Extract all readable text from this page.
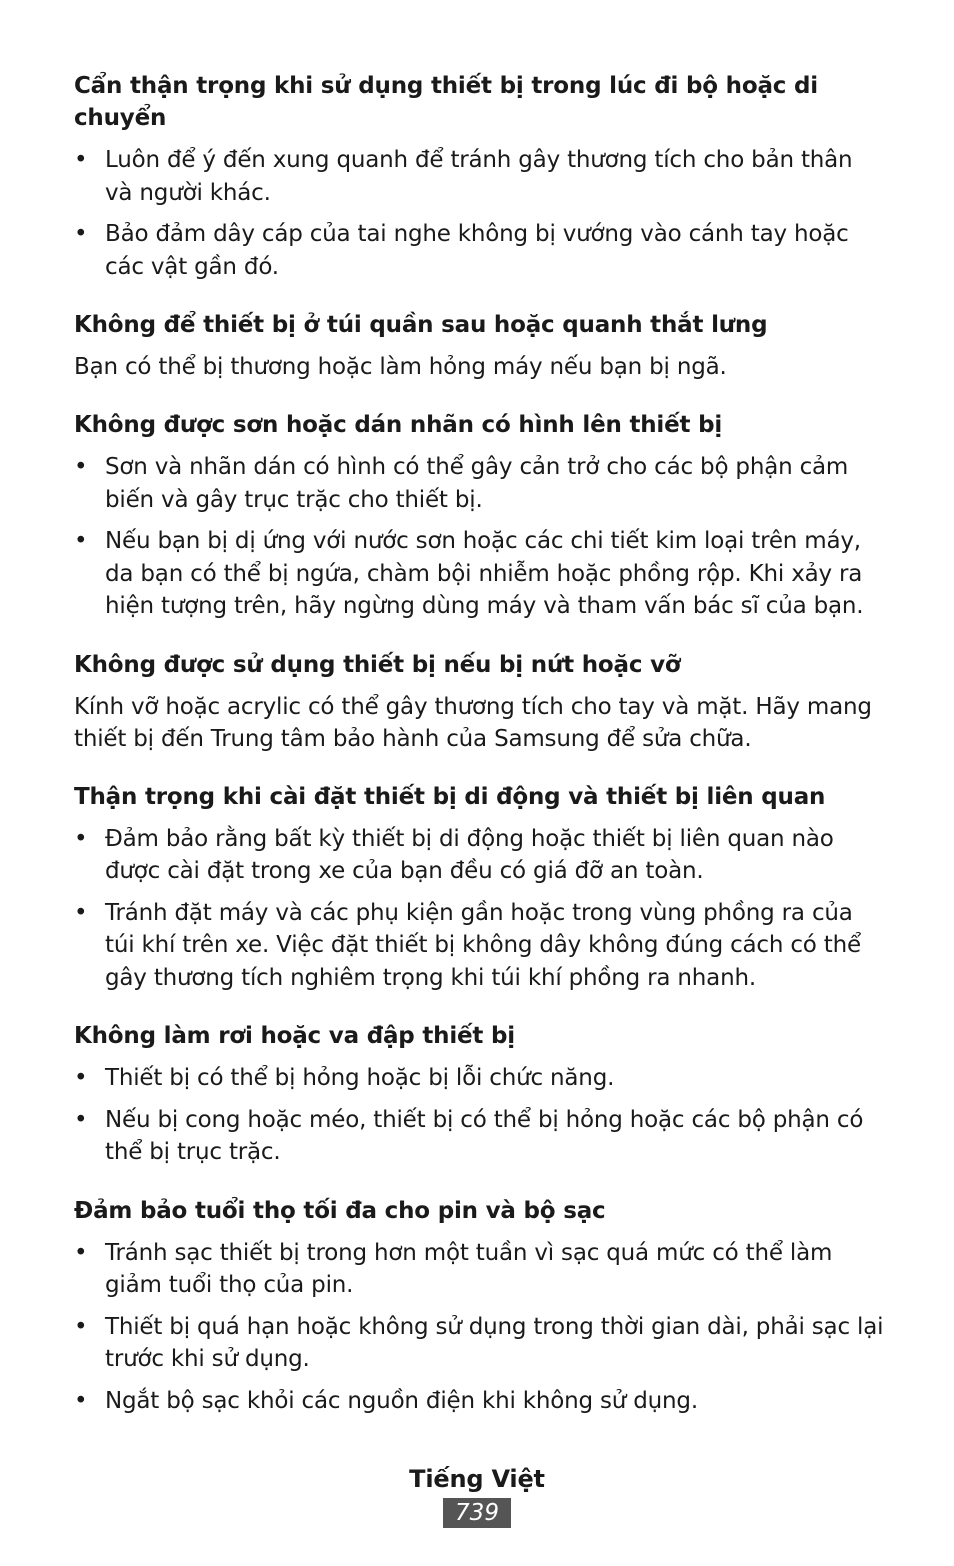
Cẩn thận trọng khi sử dụng thiết bị trong lúc đi bộ hoặc di chuyển

• Luôn để ý đến xung quanh để tránh gây thương tích cho bản thân và người khác.
• Bảo đảm dây cáp của tai nghe không bị vướng vào cánh tay hoặc các vật gần đó.

Không để thiết bị ở túi quần sau hoặc quanh thắt lưng

Bạn có thể bị thương hoặc làm hỏng máy nếu bạn bị ngã.

Không được sơn hoặc dán nhãn có hình lên thiết bị

• Sơn và nhãn dán có hình có thể gây cản trở cho các bộ phận cảm biến và gây trục trặc cho thiết bị.
• Nếu bạn bị dị ứng với nước sơn hoặc các chi tiết kim loại trên máy, da bạn có thể bị ngứa, chàm bội nhiễm hoặc phồng rộp. Khi xảy ra hiện tượng trên, hãy ngừng dùng máy và tham vấn bác sĩ của bạn.

Không được sử dụng thiết bị nếu bị nứt hoặc vỡ

Kính vỡ hoặc acrylic có thể gây thương tích cho tay và mặt. Hãy mang thiết bị đến Trung tâm bảo hành của Samsung để sửa chữa.

Thận trọng khi cài đặt thiết bị di động và thiết bị liên quan

• Đảm bảo rằng bất kỳ thiết bị di động hoặc thiết bị liên quan nào được cài đặt trong xe của bạn đều có giá đỡ an toàn.
• Tránh đặt máy và các phụ kiện gần hoặc trong vùng phồng ra của túi khí trên xe. Việc đặt thiết bị không dây không đúng cách có thể gây thương tích nghiêm trọng khi túi khí phồng ra nhanh.

Không làm rơi hoặc va đập thiết bị

• Thiết bị có thể bị hỏng hoặc bị lỗi chức năng.
• Nếu bị cong hoặc méo, thiết bị có thể bị hỏng hoặc các bộ phận có thể bị trục trặc.

Đảm bảo tuổi thọ tối đa cho pin và bộ sạc

• Tránh sạc thiết bị trong hơn một tuần vì sạc quá mức có thể làm giảm tuổi thọ của pin.
• Thiết bị quá hạn hoặc không sử dụng trong thời gian dài, phải sạc lại trước khi sử dụng.
• Ngắt bộ sạc khỏi các nguồn điện khi không sử dụng.
Tiếng Việt
739
